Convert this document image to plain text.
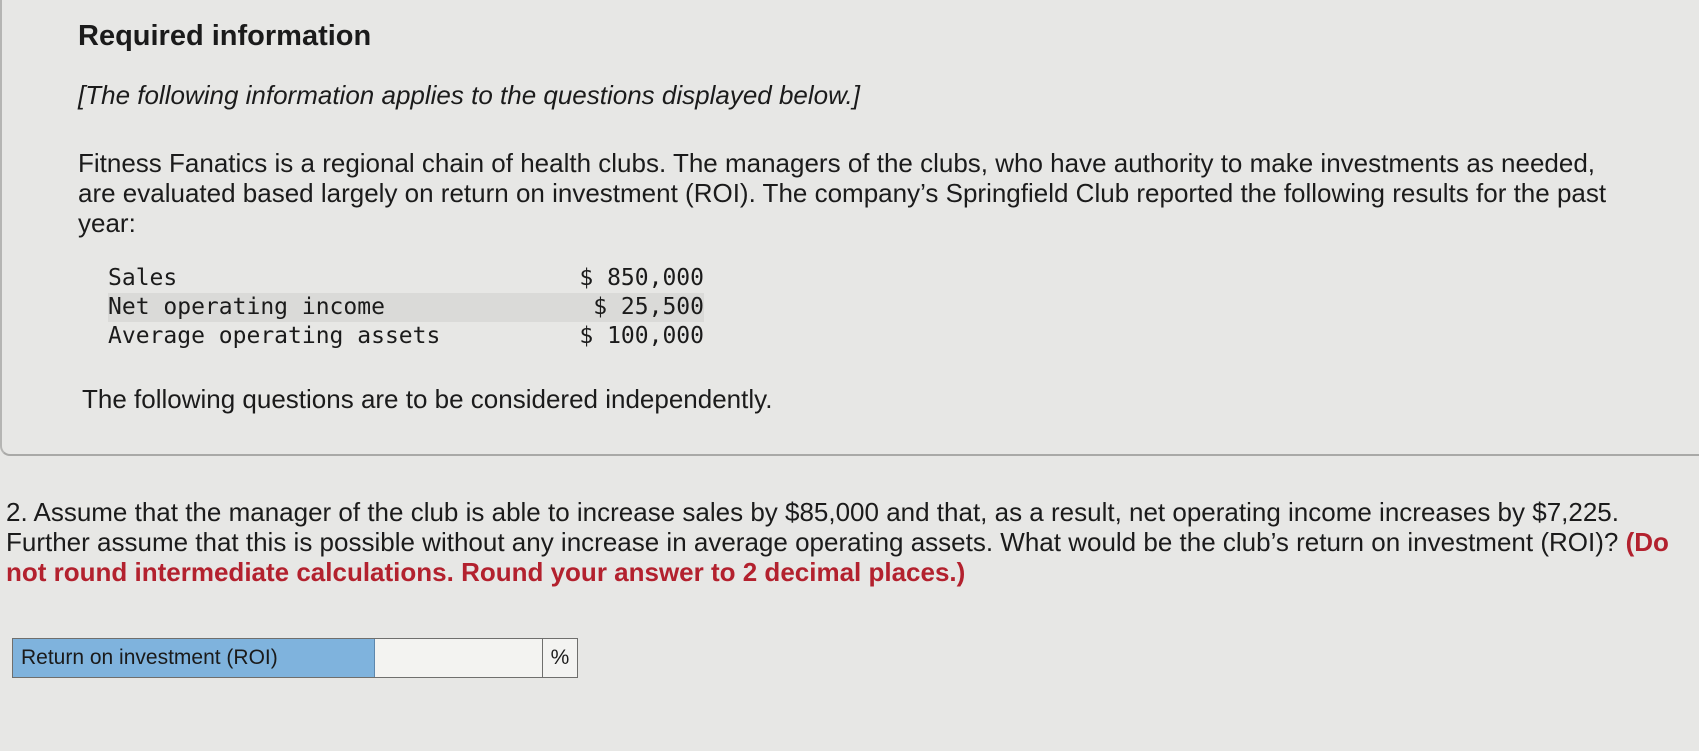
Required information

[The following information applies to the questions displayed below.]

Fitness Fanatics is a regional chain of health clubs. The managers of the clubs, who have authority to make investments as needed, are evaluated based largely on return on investment (ROI). The company’s Springfield Club reported the following results for the past year:

Sales	$ 850,000
Net operating income	$ 25,500
Average operating assets	$ 100,000

The following questions are to be considered independently.

2. Assume that the manager of the club is able to increase sales by $85,000 and that, as a result, net operating income increases by $7,225. Further assume that this is possible without any increase in average operating assets. What would be the club’s return on investment (ROI)? (Do not round intermediate calculations. Round your answer to 2 decimal places.)

Return on investment (ROI)	%
